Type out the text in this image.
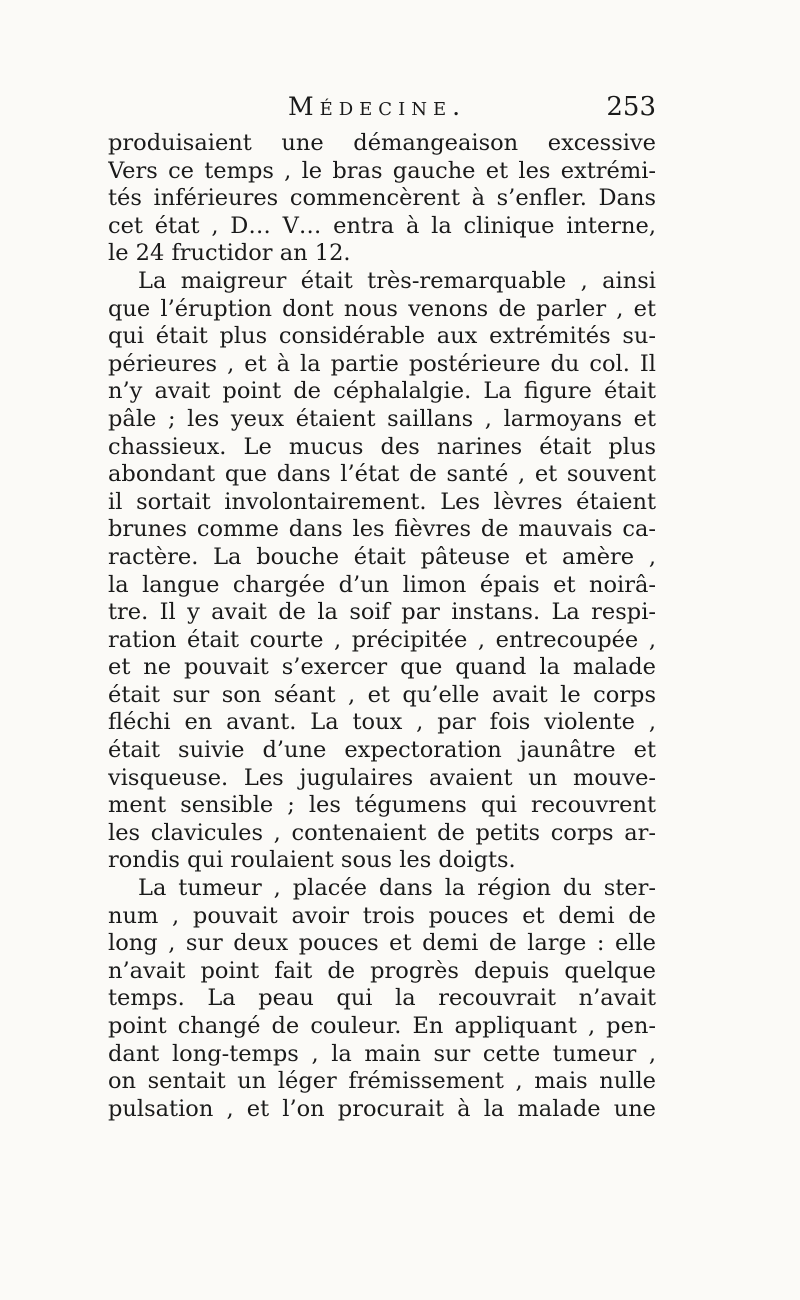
Médecine.	253
produisaient une démangeaison excessive
Vers ce temps , le bras gauche et les extrémi-
tés inférieures commencèrent à s’enfler. Dans
cet état , D… V… entra à la clinique interne,
le 24 fructidor an 12.
La maigreur était très-remarquable , ainsi
que l’éruption dont nous venons de parler , et
qui était plus considérable aux extrémités su-
périeures , et à la partie postérieure du col. Il
n’y avait point de céphalalgie. La figure était
pâle ; les yeux étaient saillans , larmoyans et
chassieux. Le mucus des narines était plus
abondant que dans l’état de santé , et souvent
il sortait involontairement. Les lèvres étaient
brunes comme dans les fièvres de mauvais ca-
ractère. La bouche était pâteuse et amère ,
la langue chargée d’un limon épais et noirâ-
tre. Il y avait de la soif par instans. La respi-
ration était courte , précipitée , entrecoupée ,
et ne pouvait s’exercer que quand la malade
était sur son séant , et qu’elle avait le corps
fléchi en avant. La toux , par fois violente ,
était suivie d’une expectoration jaunâtre et
visqueuse. Les jugulaires avaient un mouve-
ment sensible ; les tégumens qui recouvrent
les clavicules , contenaient de petits corps ar-
rondis qui roulaient sous les doigts.
La tumeur , placée dans la région du ster-
num , pouvait avoir trois pouces et demi de
long , sur deux pouces et demi de large : elle
n’avait point fait de progrès depuis quelque
temps. La peau qui la recouvrait n’avait
point changé de couleur. En appliquant , pen-
dant long-temps , la main sur cette tumeur ,
on sentait un léger frémissement , mais nulle
pulsation , et l’on procurait à la malade une
